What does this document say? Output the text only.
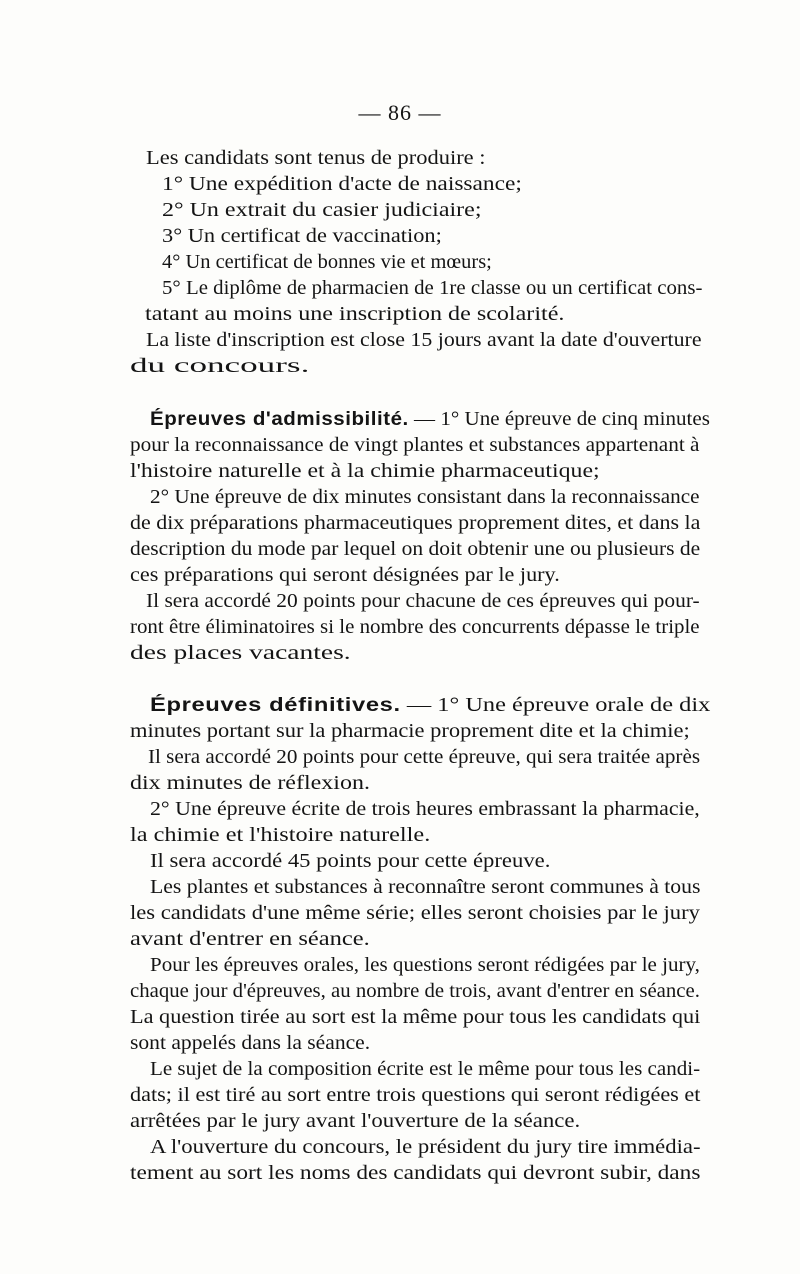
— 86 —
Les candidats sont tenus de produire :
1° Une expédition d'acte de naissance;
2° Un extrait du casier judiciaire;
3° Un certificat de vaccination;
4° Un certificat de bonnes vie et mœurs;
5° Le diplôme de pharmacien de 1re classe ou un certificat cons-
tatant au moins une inscription de scolarité.
La liste d'inscription est close 15 jours avant la date d'ouverture
du concours.
Épreuves d'admissibilité. — 1° Une épreuve de cinq minutes
pour la reconnaissance de vingt plantes et substances appartenant à
l'histoire naturelle et à la chimie pharmaceutique;
2° Une épreuve de dix minutes consistant dans la reconnaissance
de dix préparations pharmaceutiques proprement dites, et dans la
description du mode par lequel on doit obtenir une ou plusieurs de
ces préparations qui seront désignées par le jury.
Il sera accordé 20 points pour chacune de ces épreuves qui pour-
ront être éliminatoires si le nombre des concurrents dépasse le triple
des places vacantes.
Épreuves définitives. — 1° Une épreuve orale de dix
minutes portant sur la pharmacie proprement dite et la chimie;
Il sera accordé 20 points pour cette épreuve, qui sera traitée après
dix minutes de réflexion.
2° Une épreuve écrite de trois heures embrassant la pharmacie,
la chimie et l'histoire naturelle.
Il sera accordé 45 points pour cette épreuve.
Les plantes et substances à reconnaître seront communes à tous
les candidats d'une même série; elles seront choisies par le jury
avant d'entrer en séance.
Pour les épreuves orales, les questions seront rédigées par le jury,
chaque jour d'épreuves, au nombre de trois, avant d'entrer en séance.
La question tirée au sort est la même pour tous les candidats qui
sont appelés dans la séance.
Le sujet de la composition écrite est le même pour tous les candi-
dats; il est tiré au sort entre trois questions qui seront rédigées et
arrêtées par le jury avant l'ouverture de la séance.
A l'ouverture du concours, le président du jury tire immédia-
tement au sort les noms des candidats qui devront subir, dans
